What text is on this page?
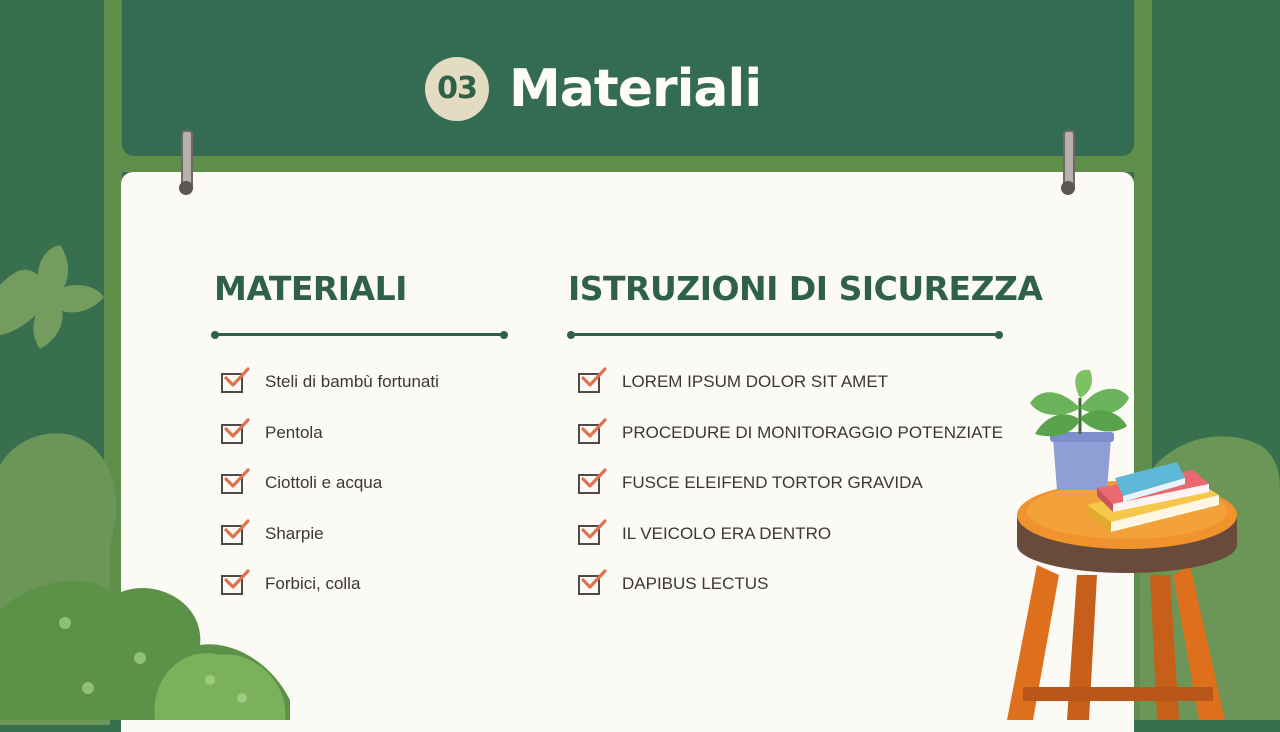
03 Materiali
MATERIALI	ISTRUZIONI DI SICUREZZA
Steli di bambù fortunati
Pentola
Ciottoli e acqua
Sharpie
Forbici, colla
LOREM IPSUM DOLOR SIT AMET
PROCEDURE DI MONITORAGGIO POTENZIATE
FUSCE ELEIFEND TORTOR GRAVIDA
IL VEICOLO ERA DENTRO
DAPIBUS LECTUS
